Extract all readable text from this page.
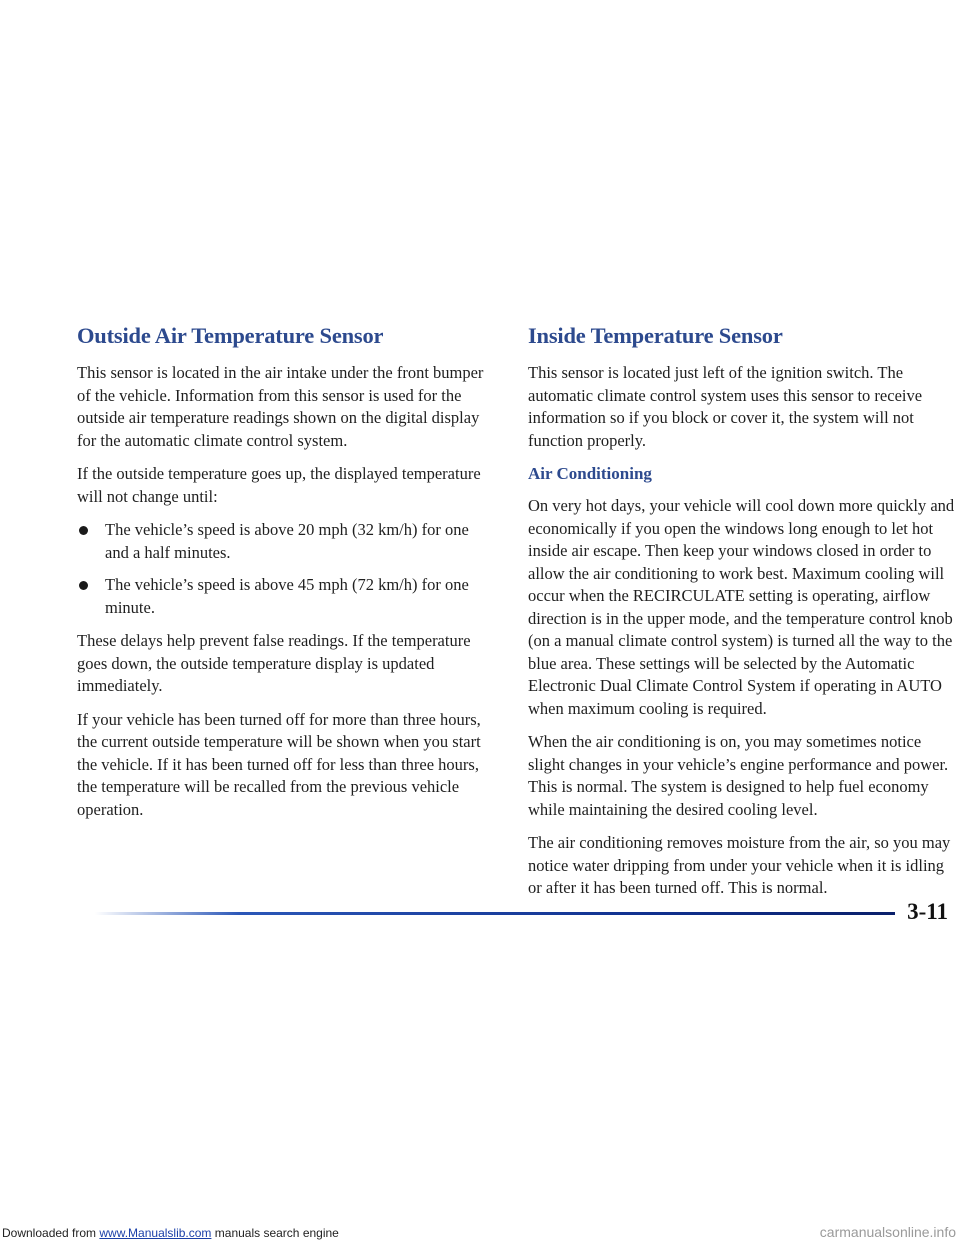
Outside Air Temperature Sensor

This sensor is located in the air intake under the front bumper of the vehicle. Information from this sensor is used for the outside air temperature readings shown on the digital display for the automatic climate control system.

If the outside temperature goes up, the displayed temperature will not change until:

The vehicle’s speed is above 20 mph (32 km/h) for one and a half minutes.
The vehicle’s speed is above 45 mph (72 km/h) for one minute.

These delays help prevent false readings. If the temperature goes down, the outside temperature display is updated immediately.

If your vehicle has been turned off for more than three hours, the current outside temperature will be shown when you start the vehicle. If it has been turned off for less than three hours, the temperature will be recalled from the previous vehicle operation.

Inside Temperature Sensor

This sensor is located just left of the ignition switch. The automatic climate control system uses this sensor to receive information so if you block or cover it, the system will not function properly.

Air Conditioning

On very hot days, your vehicle will cool down more quickly and economically if you open the windows long enough to let hot inside air escape. Then keep your windows closed in order to allow the air conditioning to work best. Maximum cooling will occur when the RECIRCULATE setting is operating, airflow direction is in the upper mode, and the temperature control knob (on a manual climate control system) is turned all the way to the blue area. These settings will be selected by the Automatic Electronic Dual Climate Control System if operating in AUTO when maximum cooling is required.

When the air conditioning is on, you may sometimes notice slight changes in your vehicle’s engine performance and power. This is normal. The system is designed to help fuel economy while maintaining the desired cooling level.

The air conditioning removes moisture from the air, so you may notice water dripping from under your vehicle when it is idling or after it has been turned off. This is normal.

3-11
Downloaded from www.Manualslib.com manuals search engine	carmanualsonline.info
